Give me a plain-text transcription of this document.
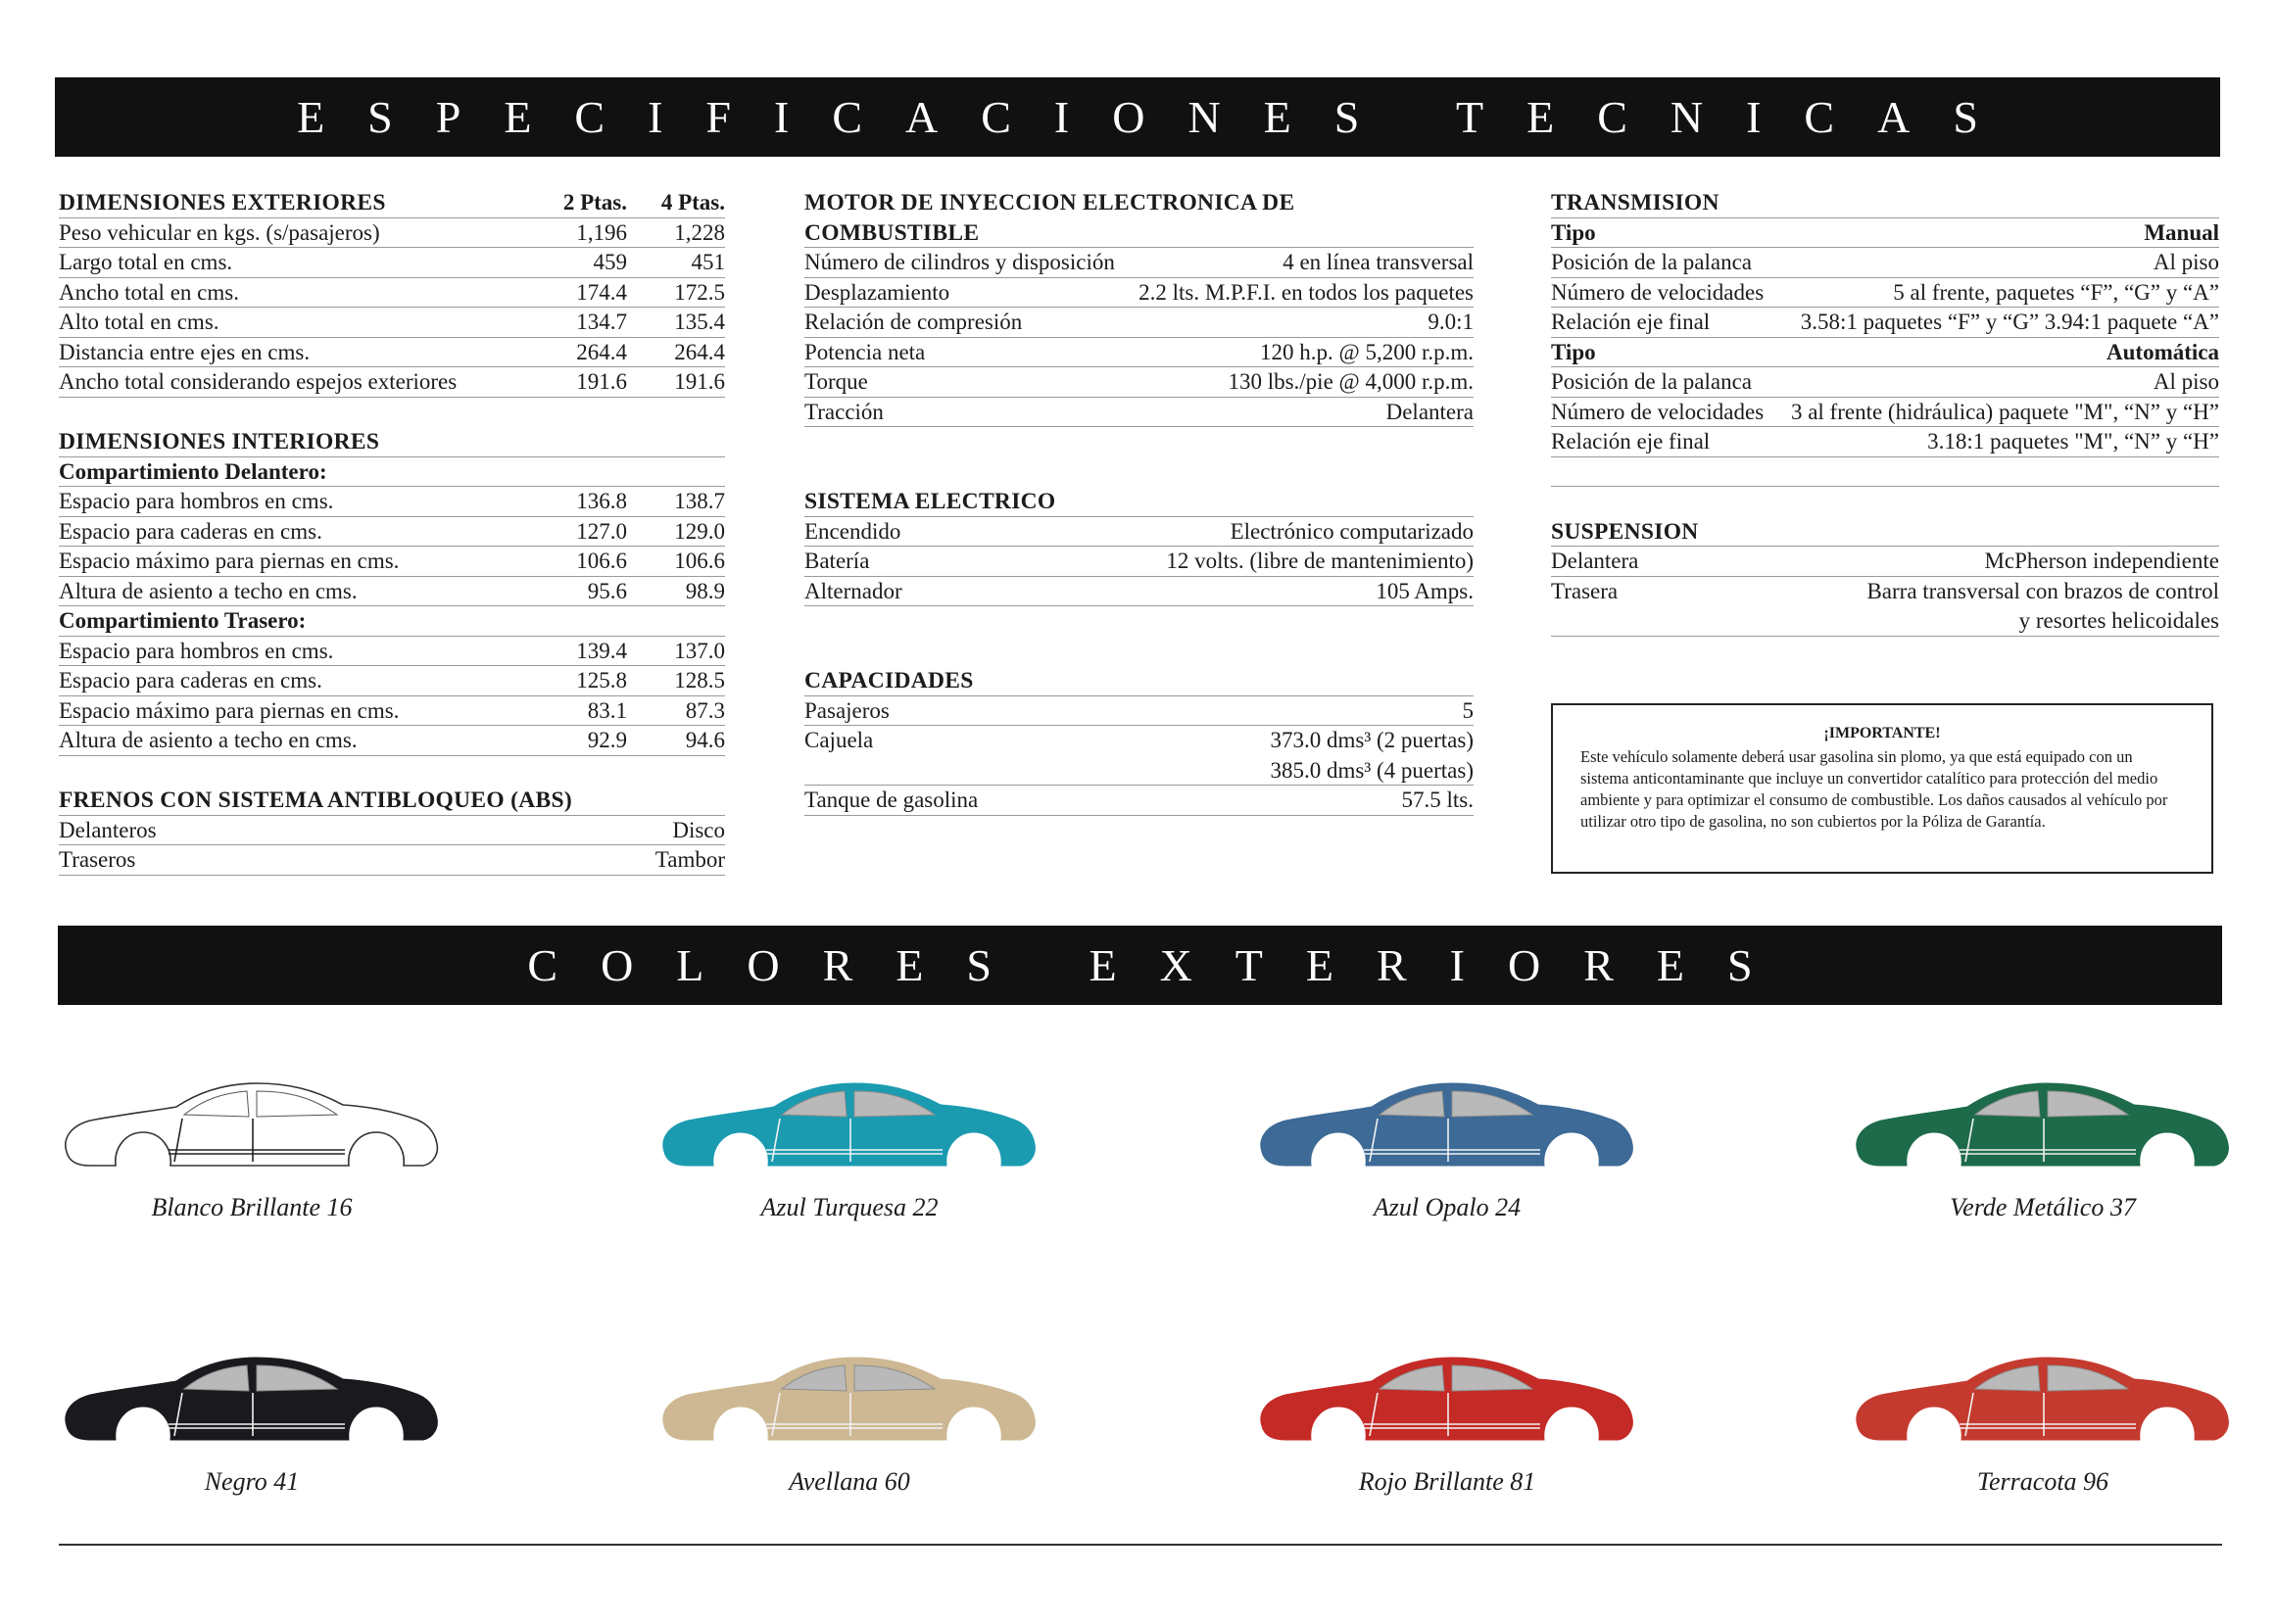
ESPECIFICACIONES TECNICAS
DIMENSIONES EXTERIORES	2 Ptas.	4 Ptas.
Peso vehicular en kgs. (s/pasajeros)	1,196	1,228
Largo total en cms.	459	451
Ancho total en cms.	174.4	172.5
Alto total en cms.	134.7	135.4
Distancia entre ejes en cms.	264.4	264.4
Ancho total considerando espejos exteriores	191.6	191.6
DIMENSIONES INTERIORES
Compartimiento Delantero:
Espacio para hombros en cms.	136.8	138.7
Espacio para caderas en cms.	127.0	129.0
Espacio máximo para piernas en cms.	106.6	106.6
Altura de asiento a techo en cms.	95.6	98.9
Compartimiento Trasero:
Espacio para hombros en cms.	139.4	137.0
Espacio para caderas en cms.	125.8	128.5
Espacio máximo para piernas en cms.	83.1	87.3
Altura de asiento a techo en cms.	92.9	94.6
FRENOS CON SISTEMA ANTIBLOQUEO (ABS)
Delanteros	Disco
Traseros	Tambor
MOTOR DE INYECCION ELECTRONICA DE
COMBUSTIBLE
Número de cilindros y disposición	4 en línea transversal
Desplazamiento	2.2 lts. M.P.F.I. en todos los paquetes
Relación de compresión	9.0:1
Potencia neta	120 h.p. @ 5,200 r.p.m.
Torque	130 lbs./pie @ 4,000 r.p.m.
Tracción	Delantera
SISTEMA ELECTRICO
Encendido	Electrónico computarizado
Batería	12 volts. (libre de mantenimiento)
Alternador	105 Amps.
CAPACIDADES
Pasajeros	5
Cajuela	373.0 dms³ (2 puertas)
385.0 dms³ (4 puertas)
Tanque de gasolina	57.5 lts.
TRANSMISION
Tipo	Manual
Posición de la palanca	Al piso
Número de velocidades	5 al frente, paquetes “F”, “G” y “A”
Relación eje final	3.58:1 paquetes “F” y “G” 3.94:1 paquete “A”
Tipo	Automática
Posición de la palanca	Al piso
Número de velocidades	3 al frente (hidráulica) paquete "M", “N” y “H”
Relación eje final	3.18:1 paquetes "M", “N” y “H”
SUSPENSION
Delantera	McPherson independiente
Trasera	Barra transversal con brazos de control
y resortes helicoidales
¡IMPORTANTE!
Este vehículo solamente deberá usar gasolina sin plomo, ya que está equipado con un sistema anticontaminante que incluye un convertidor catalítico para protección del medio ambiente y para optimizar el consumo de combustible. Los daños causados al vehículo por utilizar otro tipo de gasolina, no son cubiertos por la Póliza de Garantía.
COLORES EXTERIORES
Blanco Brillante 16	Azul Turquesa 22	Azul Opalo 24	Verde Metálico 37
Negro 41	Avellana 60	Rojo Brillante 81	Terracota 96
